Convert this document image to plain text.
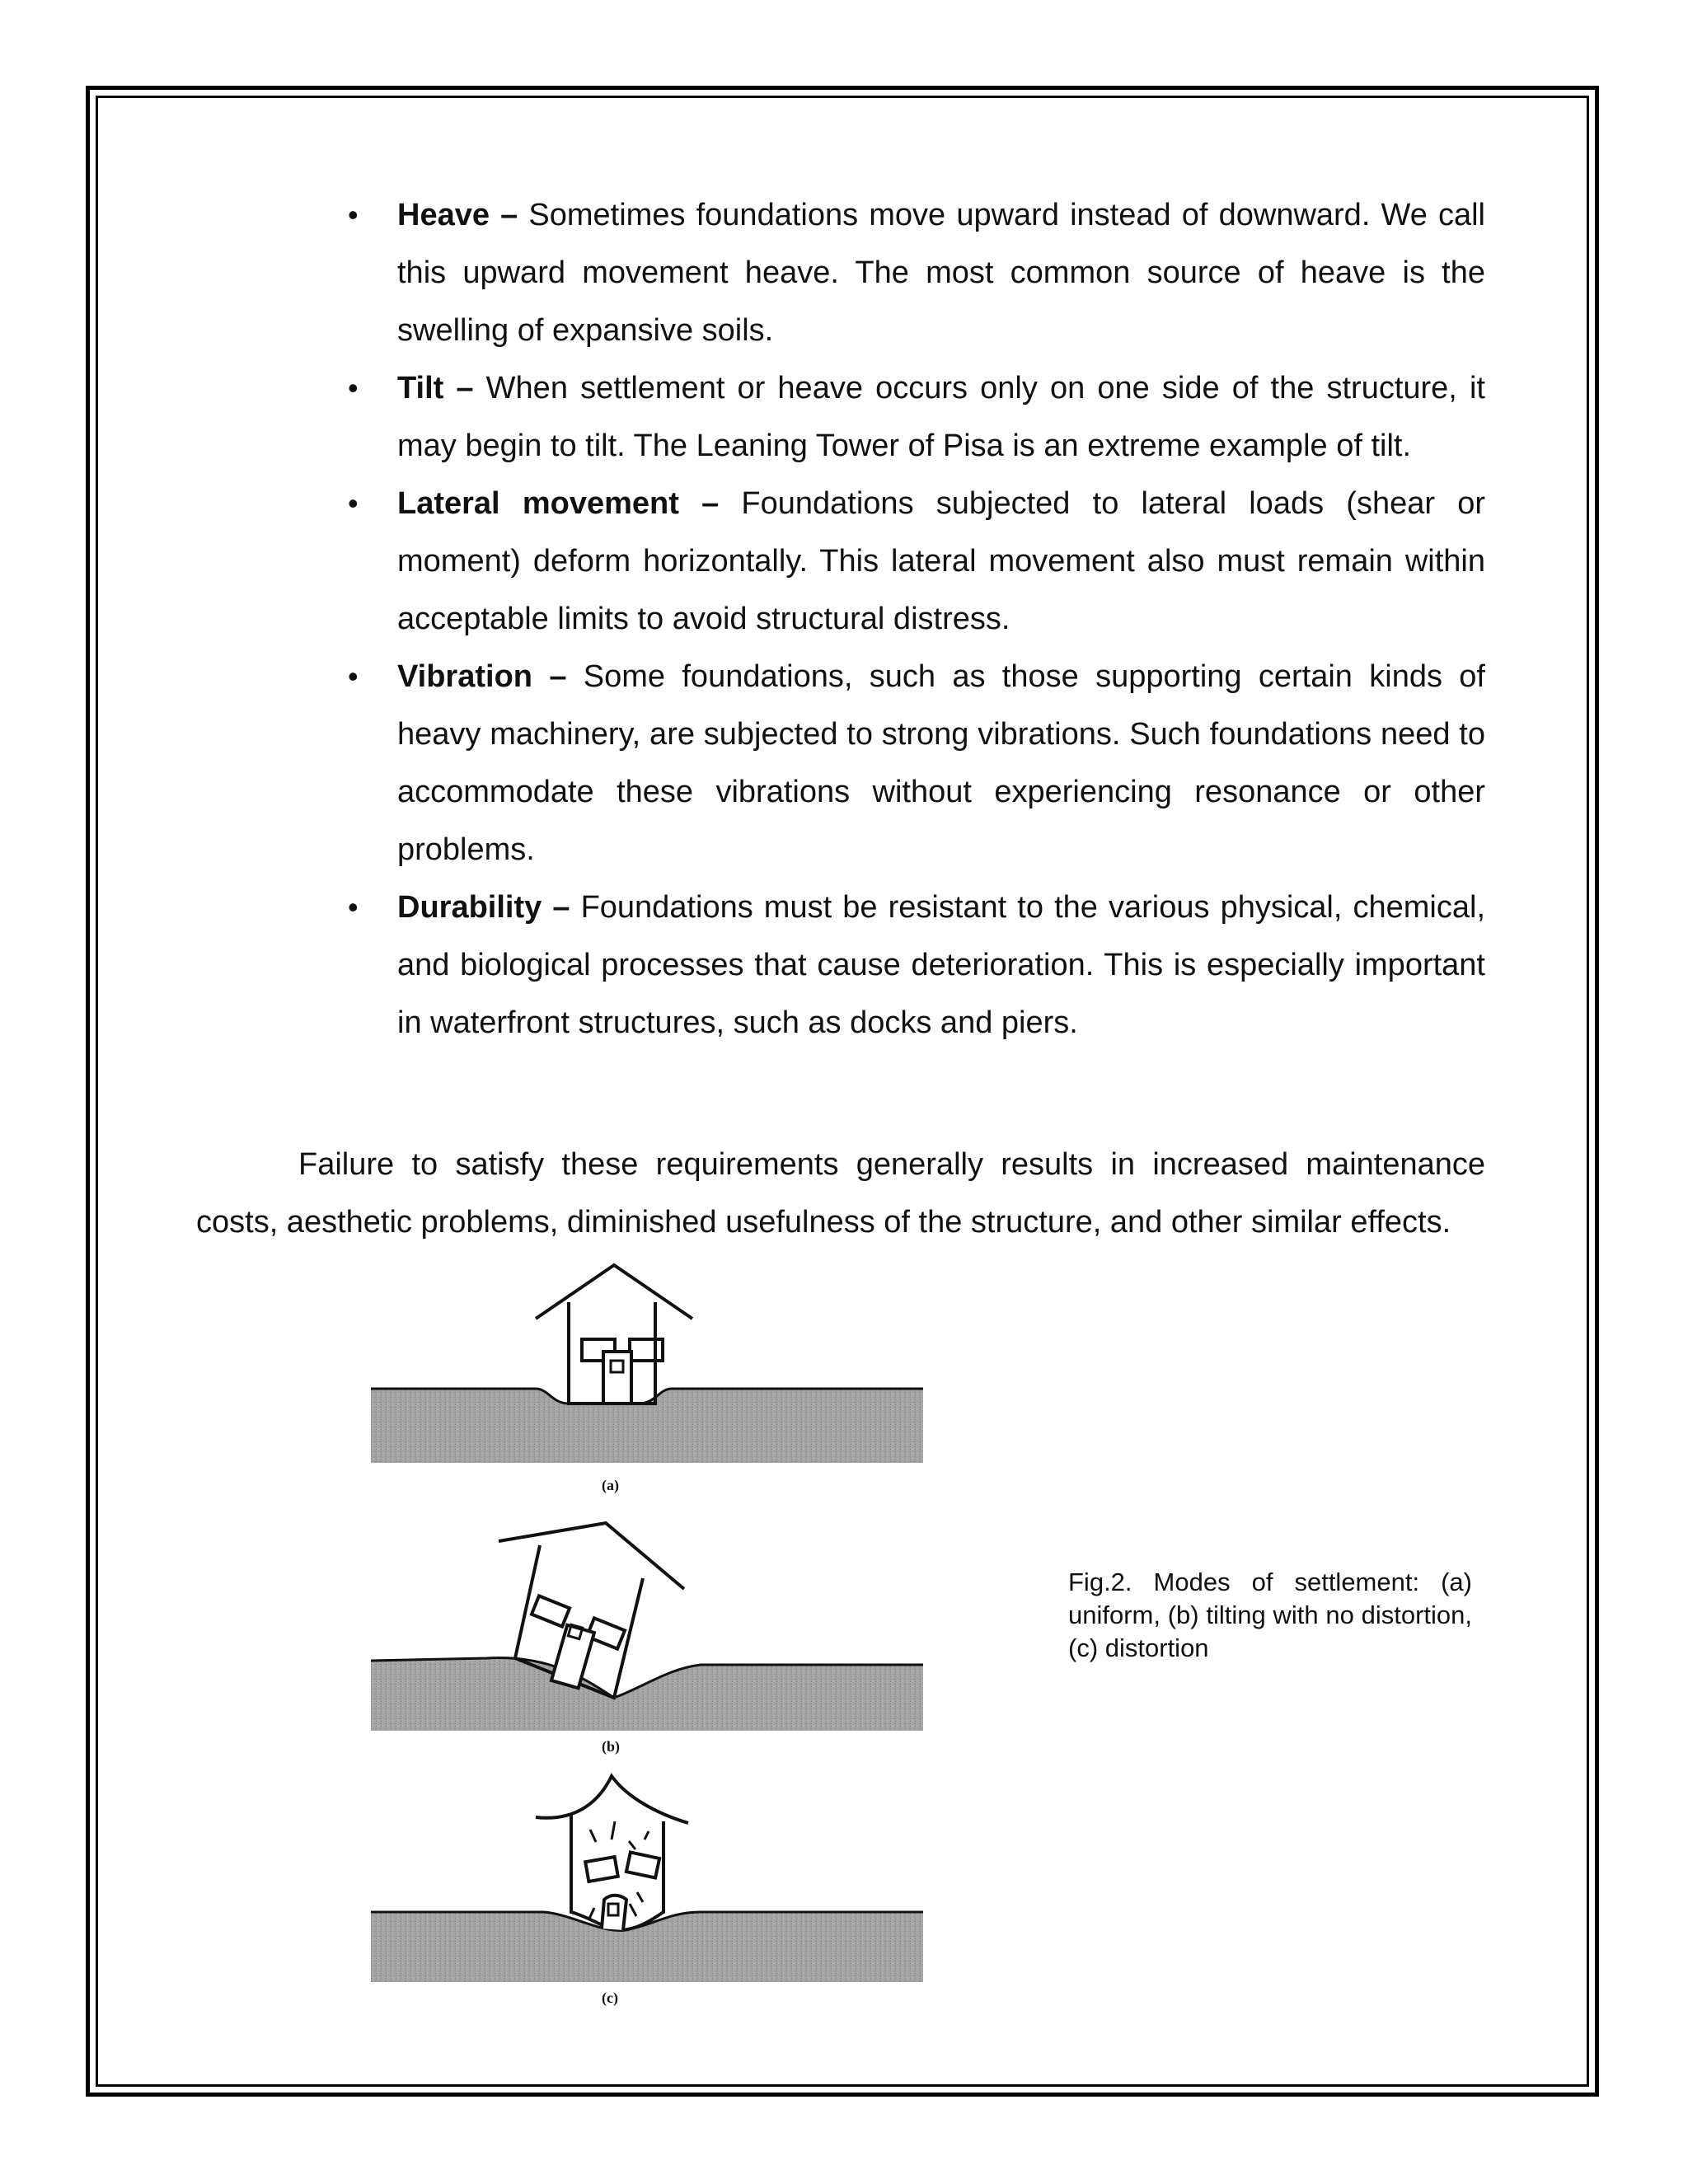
• Heave – Sometimes foundations move upward instead of downward. We call this upward movement heave. The most common source of heave is the swelling of expansive soils.
• Tilt – When settlement or heave occurs only on one side of the structure, it may begin to tilt. The Leaning Tower of Pisa is an extreme example of tilt.
• Lateral movement – Foundations subjected to lateral loads (shear or moment) deform horizontally. This lateral movement also must remain within acceptable limits to avoid structural distress.
• Vibration – Some foundations, such as those supporting certain kinds of heavy machinery, are subjected to strong vibrations. Such foundations need to accommodate these vibrations without experiencing resonance or other problems.
• Durability – Foundations must be resistant to the various physical, chemical, and biological processes that cause deterioration. This is especially important in waterfront structures, such as docks and piers.

Failure to satisfy these requirements generally results in increased maintenance costs, aesthetic problems, diminished usefulness of the structure, and other similar effects.

(a)
(b)
(c)

Fig.2. Modes of settlement: (a) uniform, (b) tilting with no distortion, (c) distortion
